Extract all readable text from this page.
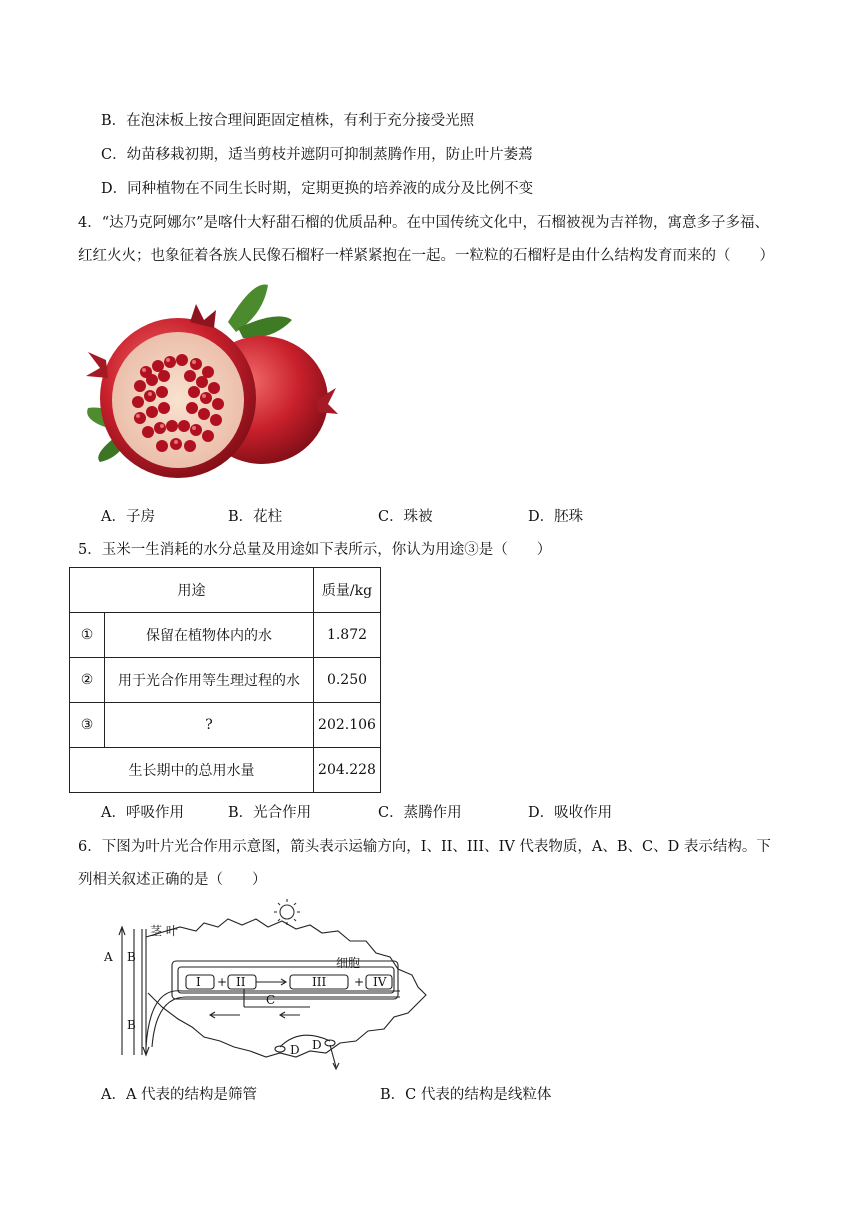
B．在泡沫板上按合理间距固定植株，有利于充分接受光照
C．幼苗移栽初期，适当剪枝并遮阴可抑制蒸腾作用，防止叶片萎蔫
D．同种植物在不同生长时期，定期更换的培养液的成分及比例不变
4．“达乃克阿娜尔”是喀什大籽甜石榴的优质品种。在中国传统文化中，石榴被视为吉祥物，寓意多子多福、
红红火火；也象征着各族人民像石榴籽一样紧紧抱在一起。一粒粒的石榴籽是由什么结构发育而来的（　　）
A．子房	B．花柱	C．珠被	D．胚珠
5．玉米一生消耗的水分总量及用途如下表所示，你认为用途③是（　　）
用途		质量/kg
①	保留在植物体内的水	1.872
②	用于光合作用等生理过程的水	0.250
③	?	202.106
生长期中的总用水量		204.228
A．呼吸作用	B．光合作用	C．蒸腾作用	D．吸收作用
6．下图为叶片光合作用示意图，箭头表示运输方向，I、II、III、IV 代表物质，A、B、C、D 表示结构。下
列相关叙述正确的是（　　）
A B
B
茎 叶
细胞
I + II	III + IV
C
D D
A．A 代表的结构是筛管	B．C 代表的结构是线粒体
